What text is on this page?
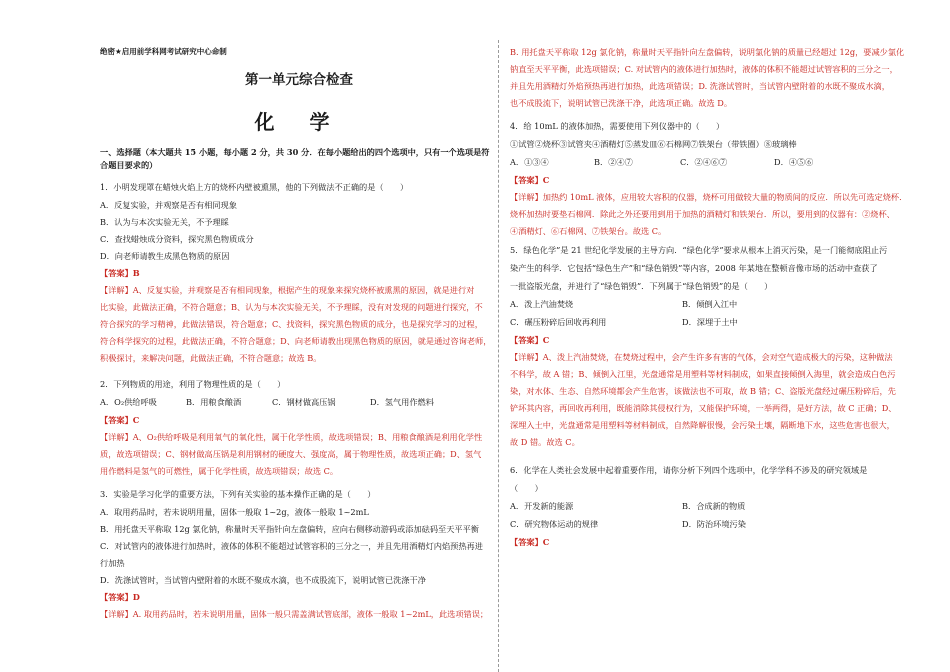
绝密★启用前学科网考试研究中心命制
第一单元综合检查
化 学
一、选择题（本大题共 15 小题，每小题 2 分，共 30 分．在每小题给出的四个选项中，只有一个选项是符合题目要求的）

1．小明发现罩在蜡烛火焰上方的烧杯内壁被熏黑，他的下列做法不正确的是（　　）

A．反复实验，并观察是否有相同现象

B．认为与本次实验无关，不予理睬

C．查找蜡烛成分资料，探究黑色物质成分

D．向老师请教生成黑色物质的原因

【答案】B

【详解】A、反复实验，并观察是否有相同现象，根据产生的现象来探究烧杯被熏黑的原因，就是进行对

比实验，此做法正确，不符合题意；B、认为与本次实验无关，不予理睬，没有对发现的问题进行探究，不

符合探究的学习精神，此做法错误，符合题意；C、找资料，探究黑色物质的成分，也是探究学习的过程，

符合科学探究的过程，此做法正确，不符合题意；D、向老师请教出现黑色物质的原因，就是通过咨询老师，

积极探讨，来解决问题，此做法正确，不符合题意；故选 B。

2．下列物质的用途，利用了物理性质的是（　　）

A．O₂供给呼吸	B．用粮食酿酒	C．钢材做高压锅	D．氢气用作燃料

【答案】C

【详解】A、O₂供给呼吸是利用氧气的氧化性，属于化学性质，故选项错误；B、用粮食酿酒是利用化学性

质，故选项错误；C、钢材做高压锅是利用钢材的硬度大、强度高，属于物理性质，故选项正确；D、氢气

用作燃料是氢气的可燃性，属于化学性质，故选项错误；故选 C。

3．实验是学习化学的重要方法，下列有关实验的基本操作正确的是（　　）

A．取用药品时，若未说明用量，固体一般取 1~2g，液体一般取 1~2mL

B．用托盘天平称取 12g 氯化钠，称量时天平指针向左盘偏转，应向右侧移动游码或添加砝码至天平平衡

C．对试管内的液体进行加热时，液体的体积不能超过试管容积的三分之一，并且先用酒精灯内焰预热再进

行加热

D．洗涤试管时，当试管内壁附着的水既不聚成水滴，也不成股流下，说明试管已洗涤干净

【答案】D

【详解】A. 取用药品时，若未说明用量，固体一般只需盖满试管底部，液体一般取 1~2mL，此选项错误；

B. 用托盘天平称取 12g 氯化钠，称量时天平指针向左盘偏转，说明氯化钠的质量已经超过 12g，要减少氯化

钠直至天平平衡，此选项错误；C. 对试管内的液体进行加热时，液体的体积不能超过试管容积的三分之一，

并且先用酒精灯外焰预热再进行加热，此选项错误；D. 洗涤试管时，当试管内壁附着的水既不聚成水滴，

也不成股流下，说明试管已洗涤干净，此选项正确。故选 D。

4．给 10mL 的液体加热，需要使用下列仪器中的（　　）

①试管②烧杯③试管夹④酒精灯⑤蒸发皿⑥石棉网⑦铁架台（带铁圈）⑧玻璃棒

A．①③④	B．②④⑦	C．②④⑥⑦	D．④⑤⑥

【答案】C

【详解】加热约 10mL 液体，应用较大容积的仪器，烧杯可用做较大量的物质间的反应．所以先可选定烧杯．

烧杯加热时要垫石棉网．除此之外还要用到用于加热的酒精灯和铁架台．所以，要用到的仪器有：②烧杯、

④酒精灯、⑥石棉网、⑦铁架台。故选 C。

5．绿色化学”是 21 世纪化学发展的主导方向．“绿色化学”要求从根本上消灭污染，是一门能彻底阻止污

染产生的科学．它包括“绿色生产”和“绿色销毁”等内容，2008 年某地在整顿音像市场的活动中查获了

一批盗版光盘，并进行了“绿色销毁”．下列属于“绿色销毁”的是（　　）

A．泼上汽油焚烧	B．倾倒入江中
C．碾压粉碎后回收再利用	D．深埋于土中

【答案】C

【详解】A、泼上汽油焚烧，在焚烧过程中，会产生许多有害的气体，会对空气造成极大的污染，这种做法

不科学，故 A 错；B、倾倒入江里，光盘通常是用塑料等材料制成，如果直接倾倒入海里，就会造成白色污

染，对水体、生态、自然环境都会产生危害，该做法也不可取，故 B 错；C、盗版光盘经过碾压粉碎后，先

铲坏其内容，再回收再利用，既能消除其侵权行为，又能保护环境，一举两得，是好方法，故 C 正确；D、

深埋入土中，光盘通常是用塑料等材料制成，自然降解很慢，会污染土壤，隔断地下水，这些危害也很大，

故 D 错。故选 C。

6．化学在人类社会发展中起着重要作用，请你分析下列四个选项中，化学学科不涉及的研究领域是

（　　）

A．开发新的能源	B．合成新的物质
C．研究物体运动的规律	D．防治环境污染

【答案】C
